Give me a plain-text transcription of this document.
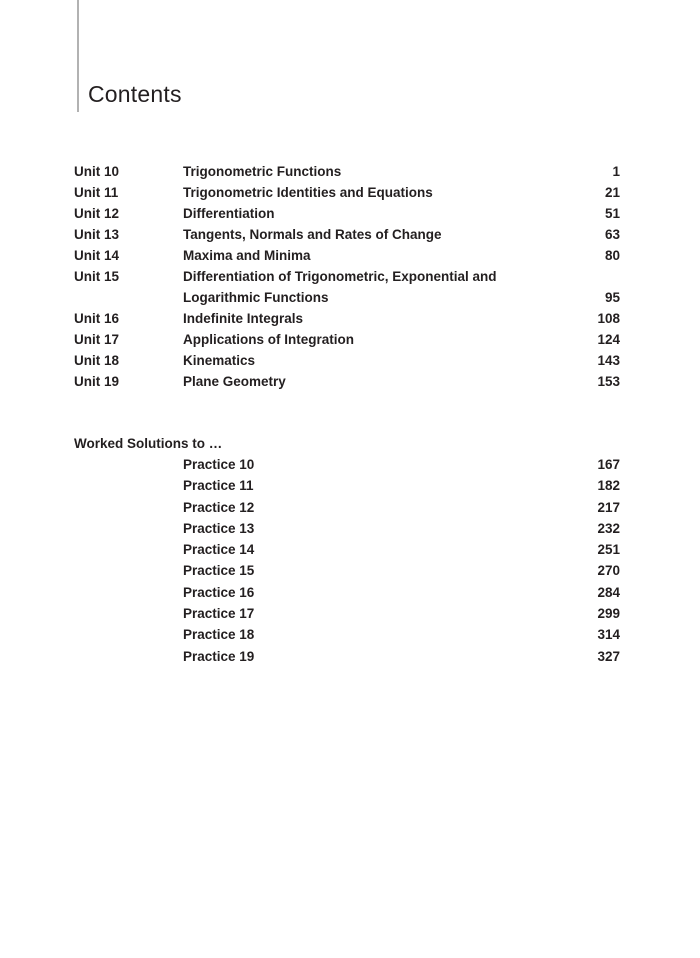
Contents
Unit 10	Trigonometric Functions	1
Unit 11	Trigonometric Identities and Equations	21
Unit 12	Differentiation	51
Unit 13	Tangents, Normals and Rates of Change	63
Unit 14	Maxima and Minima	80
Unit 15	Differentiation of Trigonometric, Exponential and Logarithmic Functions	95
Unit 16	Indefinite Integrals	108
Unit 17	Applications of Integration	124
Unit 18	Kinematics	143
Unit 19	Plane Geometry	153
Worked Solutions to …
Practice 10	167
Practice 11	182
Practice 12	217
Practice 13	232
Practice 14	251
Practice 15	270
Practice 16	284
Practice 17	299
Practice 18	314
Practice 19	327
